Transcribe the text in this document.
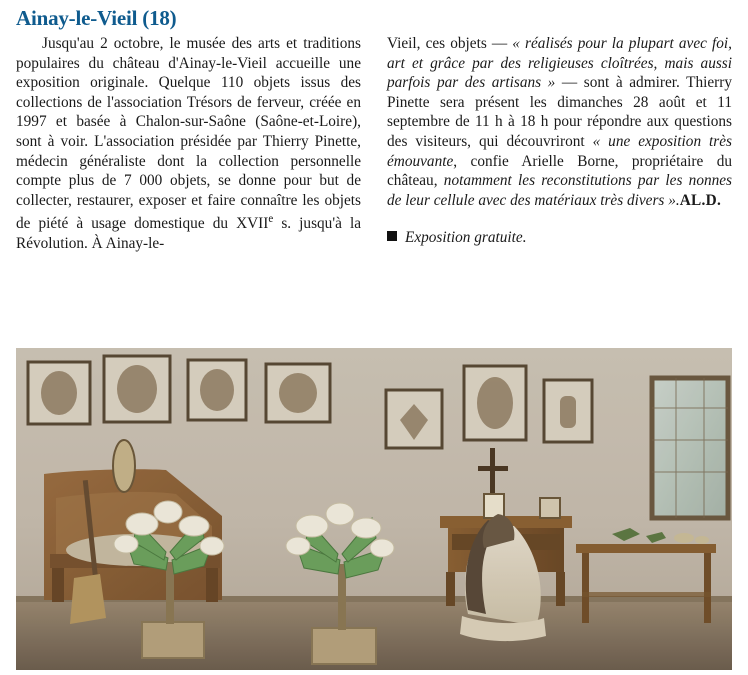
Ainay-le-Vieil (18)

Jusqu'au 2 octobre, le musée des arts et traditions populaires du château d'Ainay-le-Vieil accueille une exposition originale. Quelque 110 objets issus des collections de l'association Trésors de ferveur, créée en 1997 et basée à Chalon-sur-Saône (Saône-et-Loire), sont à voir. L'association présidée par Thierry Pinette, médecin généraliste dont la collection personnelle compte plus de 7 000 objets, se donne pour but de collecter, restaurer, exposer et faire connaître les objets de piété à usage domestique du XVIIe s. jusqu'à la Révolution. À Ainay-le-

Vieil, ces objets — « réalisés pour la plupart avec foi, art et grâce par des religieuses cloîtrées, mais aussi parfois par des artisans » — sont à admirer. Thierry Pinette sera présent les dimanches 28 août et 11 septembre de 11 h à 18 h pour répondre aux questions des visiteurs, qui découvriront « une exposition très émouvante, confie Arielle Borne, propriétaire du château, notamment les reconstitutions par les nonnes de leur cellule avec des matériaux très divers ».AL.D.

Exposition gratuite.
